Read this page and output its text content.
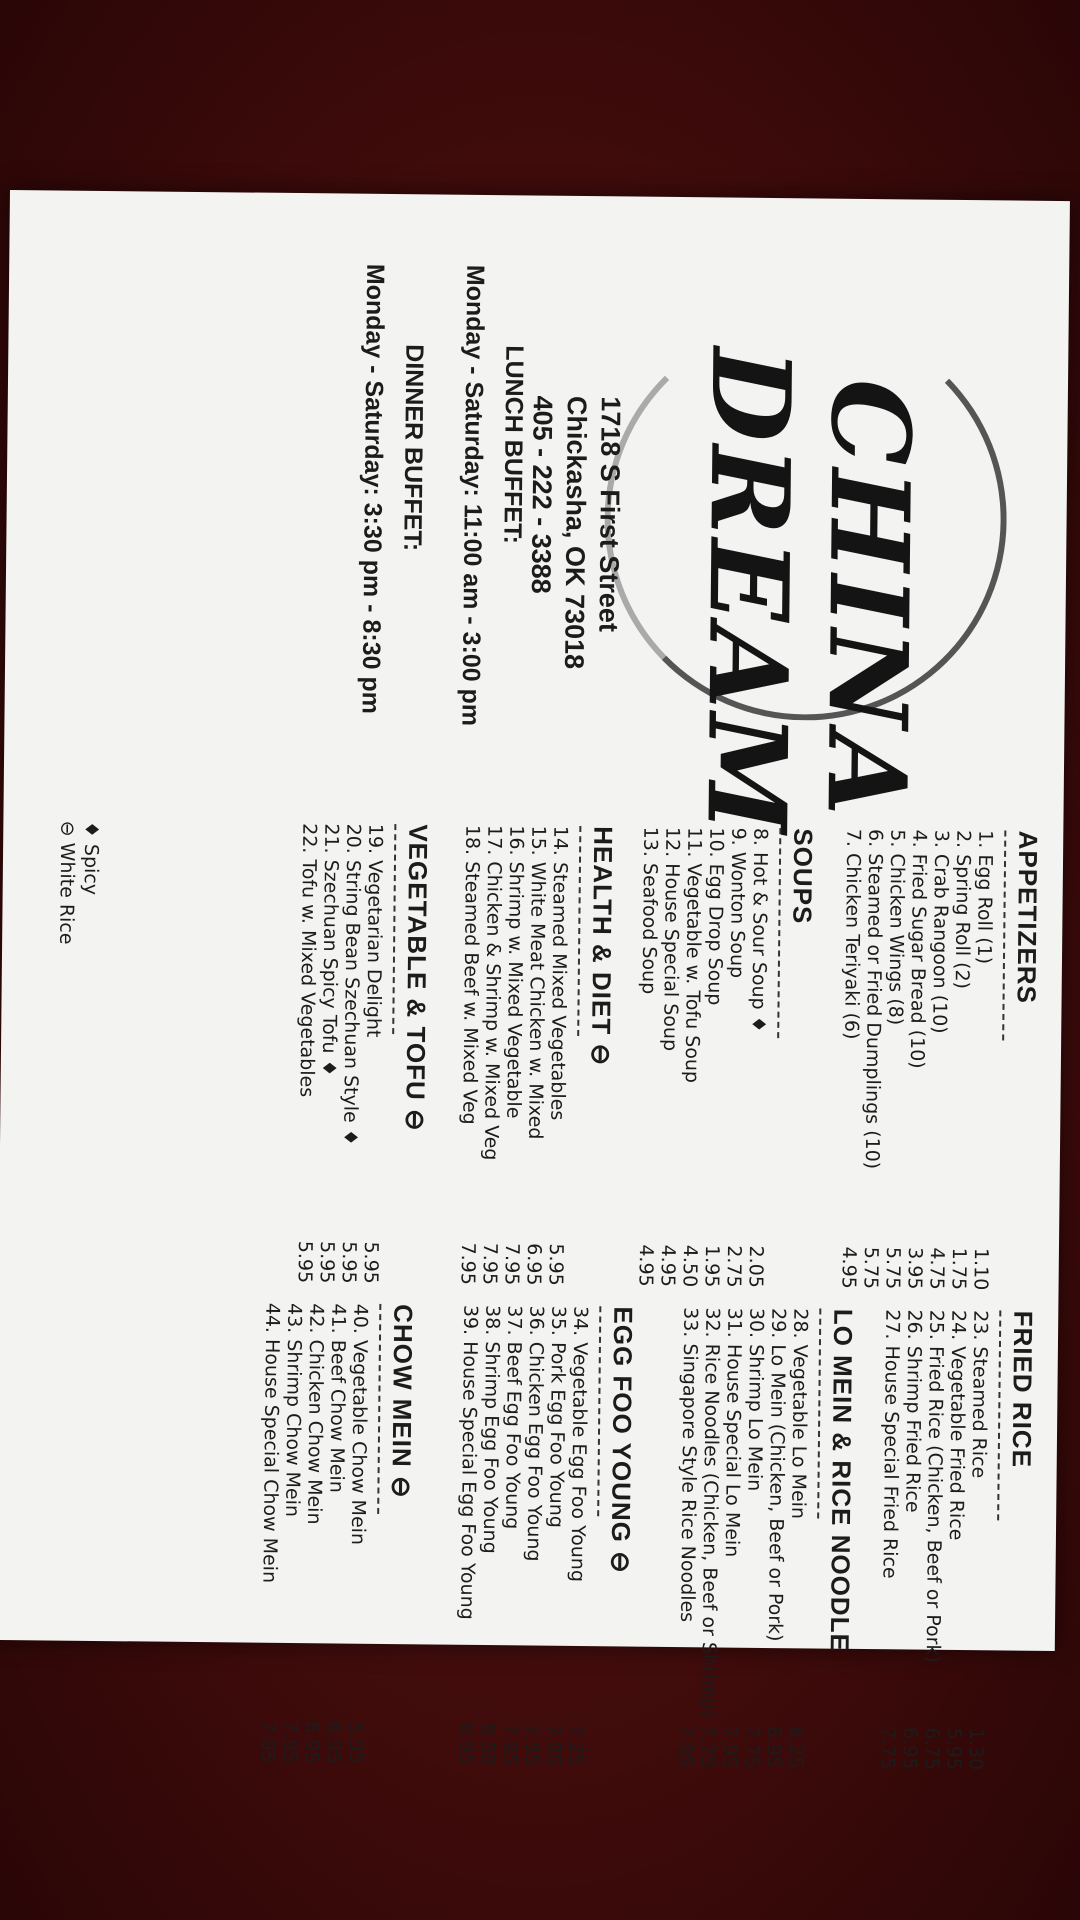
CHINA
DREAM
1718 S First Street
Chickasha, OK 73018
405 - 222 - 3388
LUNCH BUFFET:
Monday - Saturday: 11:00 am - 3:00 pm
DINNER BUFFET:
Monday - Saturday: 3:30 pm - 8:30 pm
APPETIZERS
1. Egg Roll (1)
1.10
2. Spring Roll (2)
1.75
3. Crab Rangoon (10)
4.75
4. Fried Sugar Bread (10)
3.95
5. Chicken Wings (8)
5.75
6. Steamed or Fried Dumplings (10)
5.75
7. Chicken Teriyaki (6)
4.95
SOUPS
8. Hot & Sour Soup ♦
2.05
9. Wonton Soup
2.75
10. Egg Drop Soup
1.95
11. Vegetable w. Tofu Soup
4.50
12. House Special Soup
4.95
13. Seafood Soup
4.95
HEALTH & DIET ⊖
14. Steamed Mixed Vegetables
5.95
15. White Meat Chicken w. Mixed
6.95
16. Shrimp w. Mixed Vegetable
7.95
17. Chicken & Shrimp w. Mixed Veg
7.95
18. Steamed Beef w. Mixed Veg
7.95
VEGETABLE & TOFU ⊖
19. Vegetarian Delight
5.95
20. String Bean Szechuan Style ♦
5.95
21. Szechuan Spicy Tofu ♦
5.95
22. Tofu w. Mixed Vegetables
5.95
FRIED RICE
23. Steamed Rice
1.30
24. Vegetable Fried Rice
5.95
25. Fried Rice (Chicken, Beef or Pork)
6.75
26. Shrimp Fried Rice
6.95
27. House Special Fried Rice
7.75
LO MEIN & RICE NOODLE
28. Vegetable Lo Mein
6.25
29. Lo Mein (Chicken, Beef or Pork)
6.95
30. Shrimp Lo Mein
7.75
31. House Special Lo Mein
7.95
32. Rice Noodles (Chicken, Beef or Shrimp)
7.75
33. Singapore Style Rice Noodles
7.95
EGG FOO YOUNG ⊖
34. Vegetable Egg Foo Young
7.25
35. Pork Egg Foo Young
7.95
36. Chicken Egg Foo Young
7.95
37. Beef Egg Foo Young
7.95
38. Shrimp Egg Foo Young
8.50
39. House Special Egg Foo Young
8.95
CHOW MEIN ⊖
40. Vegetable Chow Mein
5.95
41. Beef Chow Mein
6.95
42. Chicken Chow Mein
6.95
43. Shrimp Chow Mein
7.95
44. House Special Chow Mein
7.95
♦ Spicy
⊖ White Rice
